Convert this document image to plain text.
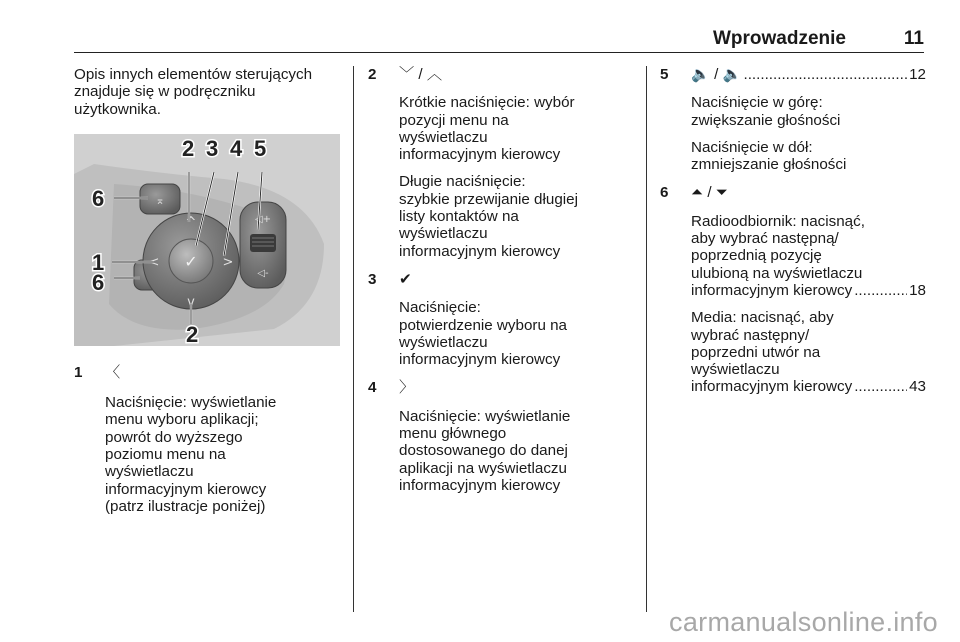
Wprowadzenie	11

Opis innych elementów sterujących
znajduje się w podręczniku
użytkownika.

⌅
^
v
<	>
✓
◁+
◁-
2 3 4 5
6
1
6
2
1 〈

Naciśnięcie: wyświetlanie
menu wyboru aplikacji;
powrót do wyższego
poziomu menu na
wyświetlaczu
informacyjnym kierowcy
(patrz ilustracje poniżej)

2 ﹀ / ︿

Krótkie naciśnięcie: wybór
pozycji menu na
wyświetlaczu
informacyjnym kierowcy

Długie naciśnięcie:
szybkie przewijanie długiej
listy kontaktów na
wyświetlaczu
informacyjnym kierowcy

3 ✔

Naciśnięcie:
potwierdzenie wyboru na
wyświetlaczu
informacyjnym kierowcy

4 〉

Naciśnięcie: wyświetlanie
menu głównego
dostosowanego do danej
aplikacji na wyświetlaczu
informacyjnym kierowcy

5 🔈 / 🔈 .....	12

Naciśnięcie w górę:
zwiększanie głośności

Naciśnięcie w dół:
zmniejszanie głośności

6 ⏶ / ⏷
Radioodbiornik: nacisnąć,
aby wybrać następną/
poprzednią pozycję
ulubioną na wyświetlaczu
informacyjnym kierowcy .....	18
Media: nacisnąć, aby
wybrać następny/
poprzedni utwór na
wyświetlaczu
informacyjnym kierowcy .....	43
carmanualsonline.info
